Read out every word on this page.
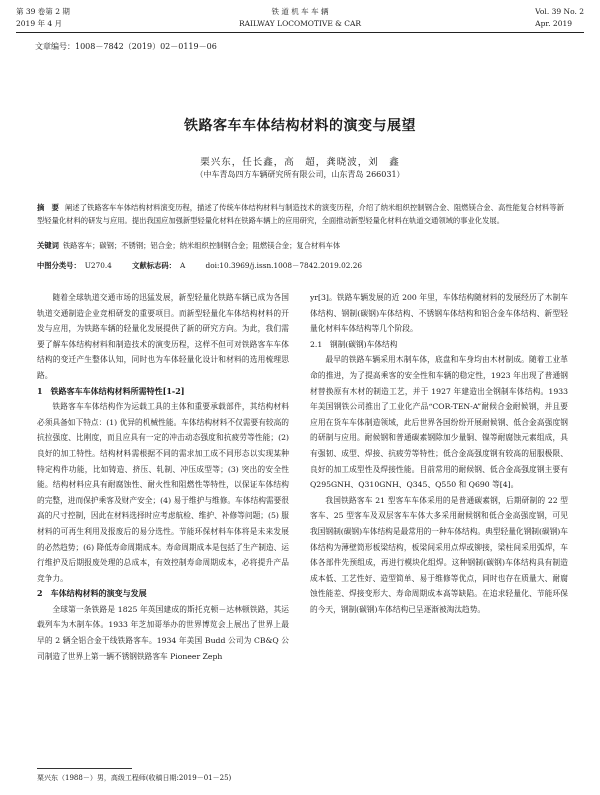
第 39 卷第 2 期
2019 年 4 月
铁 道 机 车 车 辆
RAILWAY LOCOMOTIVE & CAR
Vol. 39 No. 2
Apr. 2019
文章编号：1008－7842（2019）02－0119－06
铁路客车车体结构材料的演变与展望
栗兴东，任长鑫，高　超，龚晓波，刘　鑫
（中车青岛四方车辆研究所有限公司，山东青岛 266031）
摘　要 阐述了铁路客车车体结构材料演变历程，描述了传统车体结构材料与制造技术的演变历程，介绍了纳米组织控制钢合金、阻燃镁合金、高性能复合材料等新型轻量化材料的研发与应用。提出我国应加强新型轻量化材料在铁路车辆上的应用研究，全面推动新型轻量化材料在轨道交通领域的事业化发展。
关键词 铁路客车；碳钢；不锈钢；铝合金；纳米组织控制钢合金；阻燃镁合金；复合材料车体
中图分类号： U270.4	文献标志码： A	doi:10.3969/j.issn.1008－7842.2019.02.26

随着全球轨道交通市场的迅猛发展，新型轻量化铁路车辆已成为各国轨道交通制造企业竞相研发的重要项目。而新型轻量化车体结构材料的开发与应用，为铁路车辆的轻量化发展提供了新的研究方向。为此，我们需要了解车体结构材料和制造技术的演变历程，这样不但可对铁路客车车体结构的变迁产生整体认知，同时也为车体轻量化设计和材料的选用梳理思路。

1　铁路客车车体结构材料所需特性[1-2]

铁路客车车体结构作为运载工具的主体和重要承载部件，其结构材料必须具备如下特点：(1) 优异的机械性能。车体结构材料不仅需要有较高的抗拉强度、比刚度，而且应具有一定的冲击动态强度和抗疲劳等性能；(2) 良好的加工特性。结构材料需根据不同的需求加工成不同形态以实现某种特定构件功能，比如铸造、挤压、轧制、冲压成型等；(3) 突出的安全性能。结构材料应具有耐腐蚀性、耐火性和阻燃性等特性，以保证车体结构的完整，进而保护乘客及财产安全；(4) 易于维护与维修。车体结构需要很高的尺寸控制，因此在材料选择时应考虑航检、维护、补修等问题；(5) 服材料的可再生利用及报废后的易分选性。节能环保材料车体将是未来发展的必然趋势；(6) 降低寿命周期成本。寿命周期成本是包括了生产制造、运行维护及后期报废处理的总成本，有效控制寿命周期成本，必将提升产品竞争力。

2　车体结构材料的演变与发展

全球第一条铁路是 1825 年英国建成的斯托克顿－达林顿铁路，其运载列车为木制车体。1933 年芝加哥举办的世界博览会上展出了世界上最早的 2 辆全铝合金干线铁路客车。1934 年美国 Budd 公司为 CB&Q 公司制造了世界上第一辆不锈钢铁路客车 Pioneer Zeph

yr[3]。铁路车辆发展的近 200 年里，车体结构随材料的发展经历了木制车体结构、钢制(碳钢)车体结构、不锈钢车体结构和铝合金车体结构、新型轻量化材料车体结构等几个阶段。

2.1　钢制(碳钢)车体结构

最早的铁路车辆采用木制车体，底盘和车身均由木材制成。随着工业革命的推进，为了提高乘客的安全性和车辆的稳定性，1923 年出现了普通钢材替换原有木材的制造工艺，并于 1927 年建造出全钢制车体结构。1933 年美国钢铁公司推出了工业化产品“COR-TEN-A”耐候合金耐候钢，并且要应用在货车车体制造领域，此后世界各国纷纷开展耐候钢、低合金高强度钢的研制与应用。耐候钢和普通碳素钢除加少量铜、镍等耐腐蚀元素组成，具有强韧、成型、焊接、抗疲劳等特性；低合金高强度钢有较高的屈服极限、良好的加工成型性及焊接性能。目前常用的耐候钢、低合金高强度钢主要有 Q295GNH、Q310GNH、Q345、Q550 和 Q690 等[4]。

我国铁路客车 21 型客车车体采用的是普通碳素钢，后期研制的 22 型客车、25 型客车及双层客车车体大多采用耐候钢和低合金高强度钢，可见我国钢制(碳钢)车体结构是最常用的一种车体结构。典型轻量化钢制(碳钢)车体结构为薄壁筒形板梁结构，板梁间采用点焊或铆接，梁柱间采用弧焊，车体各部件先预组成，再进行模块化组焊。这种钢制(碳钢)车体结构具有制造成本低、工艺性好、造型简单、易于维修等优点，同时也存在质量大、耐腐蚀性能差、焊接变形大、寿命周期成本高等缺陷。在追求轻量化、节能环保的今天，钢制(碳钢)车体结构已呈逐渐被淘汰趋势。

栗兴东（1988－）男，高级工程师(收稿日期:2019－01－25)
